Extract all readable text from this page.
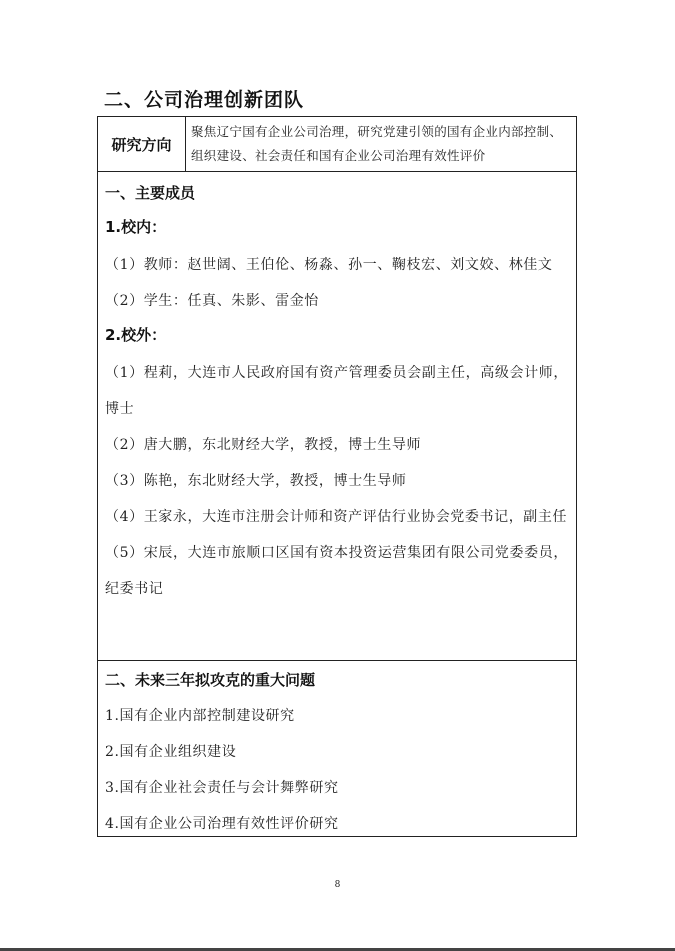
二、公司治理创新团队
研究方向
聚焦辽宁国有企业公司治理，研究党建引领的国有企业内部控制、组织建设、社会责任和国有企业公司治理有效性评价
一、主要成员
1.校内：
（1）教师：赵世阔、王伯伦、杨淼、孙一、鞠枝宏、刘文姣、林佳文
（2）学生：任真、朱影、雷金怡
2.校外：
（1）程莉，大连市人民政府国有资产管理委员会副主任，高级会计师，博士
（2）唐大鹏，东北财经大学，教授，博士生导师
（3）陈艳，东北财经大学，教授，博士生导师
（4）王家永，大连市注册会计师和资产评估行业协会党委书记，副主任
（5）宋辰，大连市旅顺口区国有资本投资运营集团有限公司党委委员，纪委书记
二、未来三年拟攻克的重大问题
1.国有企业内部控制建设研究
2.国有企业组织建设
3.国有企业社会责任与会计舞弊研究
4.国有企业公司治理有效性评价研究
8
